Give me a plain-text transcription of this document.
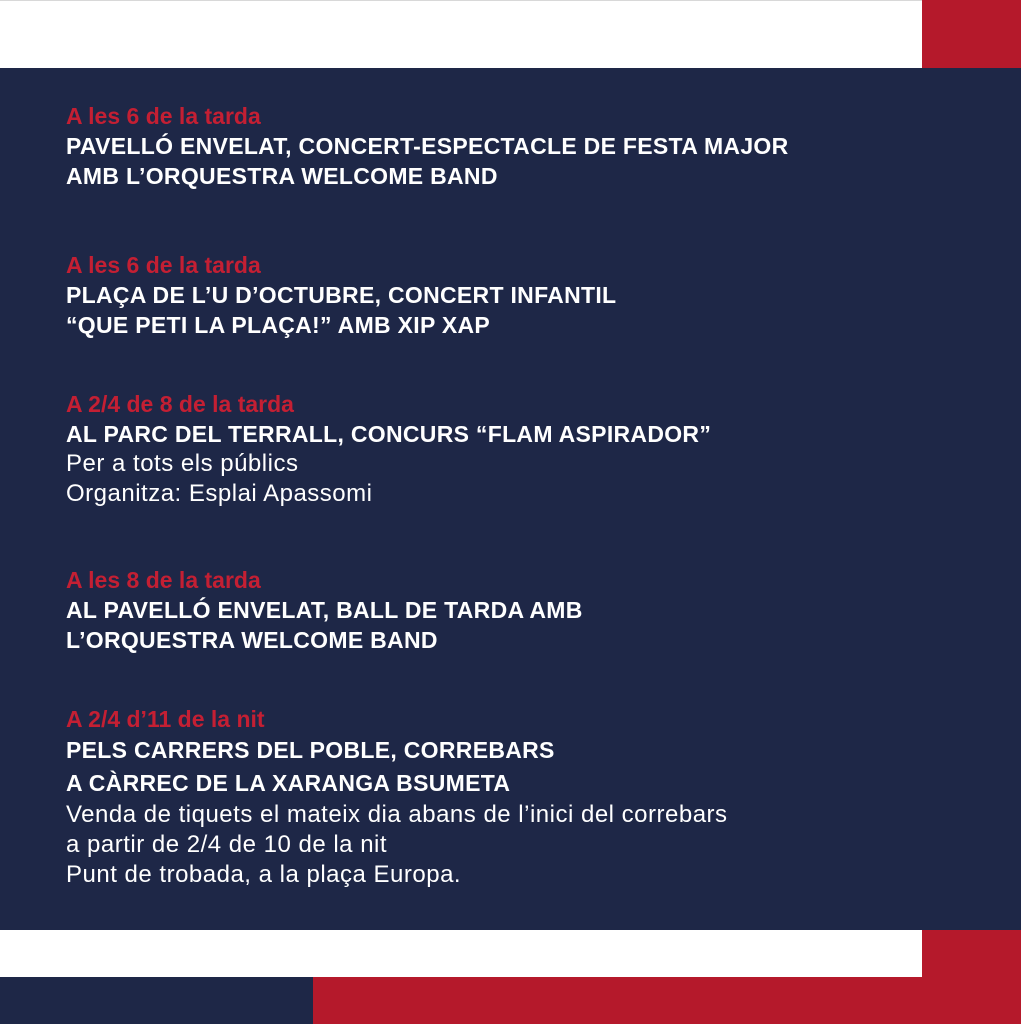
A les 6 de la tarda

PAVELLÓ ENVELAT, CONCERT-ESPECTACLE DE FESTA MAJOR

AMB L’ORQUESTRA WELCOME BAND

A les 6 de la tarda

PLAÇA DE L’U D’OCTUBRE, CONCERT INFANTIL

“QUE PETI LA PLAÇA!” AMB XIP XAP

A 2/4 de 8 de la tarda

AL PARC DEL TERRALL, CONCURS “FLAM ASPIRADOR”

Per a tots els públics

Organitza: Esplai Apassomi

A les 8 de la tarda

AL PAVELLÓ ENVELAT, BALL DE TARDA AMB

L’ORQUESTRA WELCOME BAND

A 2/4 d’11 de la nit

PELS CARRERS DEL POBLE, CORREBARS

A CÀRREC DE LA XARANGA BSUMETA

Venda de tiquets el mateix dia abans de l’inici del correbars

a partir de 2/4 de 10 de la nit

Punt de trobada, a la plaça Europa.
